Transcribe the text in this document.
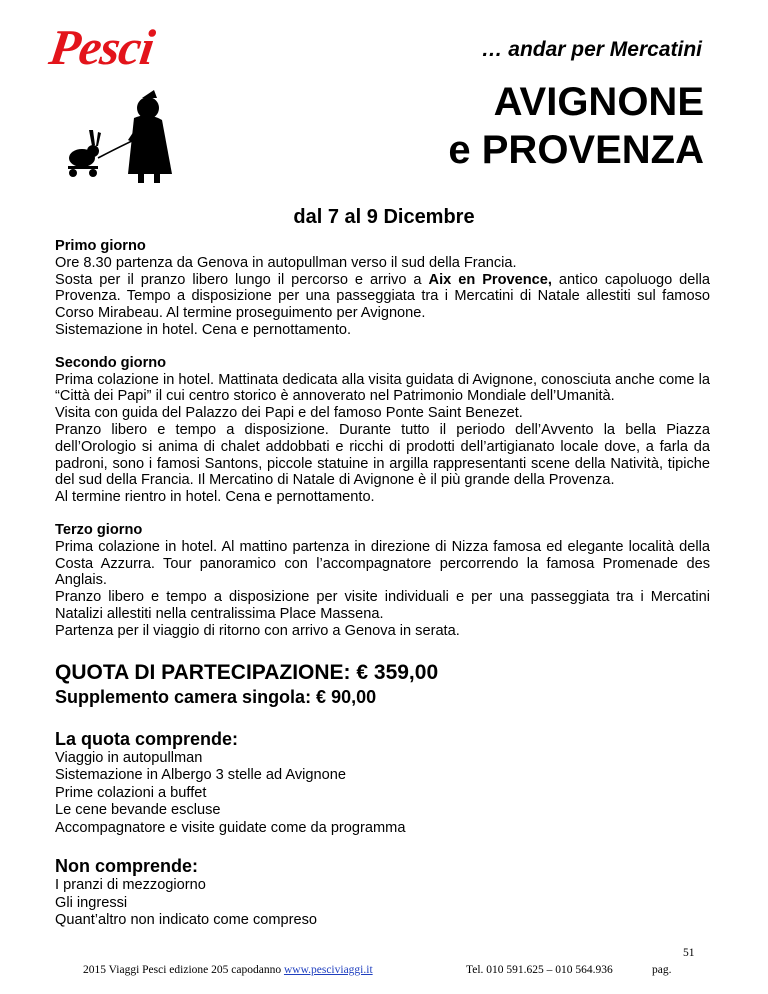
Pesci	… andar per Mercatini
AVIGNONE
e PROVENZA
dal 7 al 9 Dicembre
Primo giorno

Ore 8.30 partenza da Genova in autopullman verso il sud della Francia.

Sosta per il pranzo libero lungo il percorso e arrivo a Aix en Provence, antico capoluogo della Provenza. Tempo a disposizione per una passeggiata tra i Mercatini di Natale allestiti sul famoso Corso Mirabeau. Al termine proseguimento per Avignone.

Sistemazione in hotel. Cena e pernottamento.

Secondo giorno

Prima colazione in hotel. Mattinata dedicata alla visita guidata di Avignone, conosciuta anche come la “Città dei Papi” il cui centro storico è annoverato nel Patrimonio Mondiale dell’Umanità.

Visita con guida del Palazzo dei Papi e del famoso Ponte Saint Benezet.

Pranzo libero e tempo a disposizione. Durante tutto il periodo dell’Avvento la bella Piazza dell’Orologio si anima di chalet addobbati e ricchi di prodotti dell’artigianato locale dove, a farla da padroni, sono i famosi Santons, piccole statuine in argilla rappresentanti scene della Natività, tipiche del sud della Francia. Il Mercatino di Natale di Avignone è il più grande della Provenza.

Al termine rientro in hotel. Cena e pernottamento.

Terzo giorno

Prima colazione in hotel. Al mattino partenza in direzione di Nizza famosa ed elegante località della Costa Azzurra. Tour panoramico con l’accompagnatore percorrendo la famosa Promenade des Anglais.

Pranzo libero e tempo a disposizione per visite individuali e per una passeggiata tra i Mercatini Natalizi allestiti nella centralissima Place Massena.

Partenza per il viaggio di ritorno con arrivo a Genova in serata.

QUOTA DI PARTECIPAZIONE: € 359,00
Supplemento camera singola: € 90,00
La quota comprende:
Viaggio in autopullman
Sistemazione in Albergo 3 stelle ad Avignone
Prime colazioni a buffet
Le cene bevande escluse
Accompagnatore e visite guidate come da programma
Non comprende:
I pranzi di mezzogiorno
Gli ingressi
Quant’altro non indicato come compreso
51
2015 Viaggi Pesci edizione 205 capodanno www.pesciviaggi.it	Tel. 010 591.625 – 010 564.936	pag.
